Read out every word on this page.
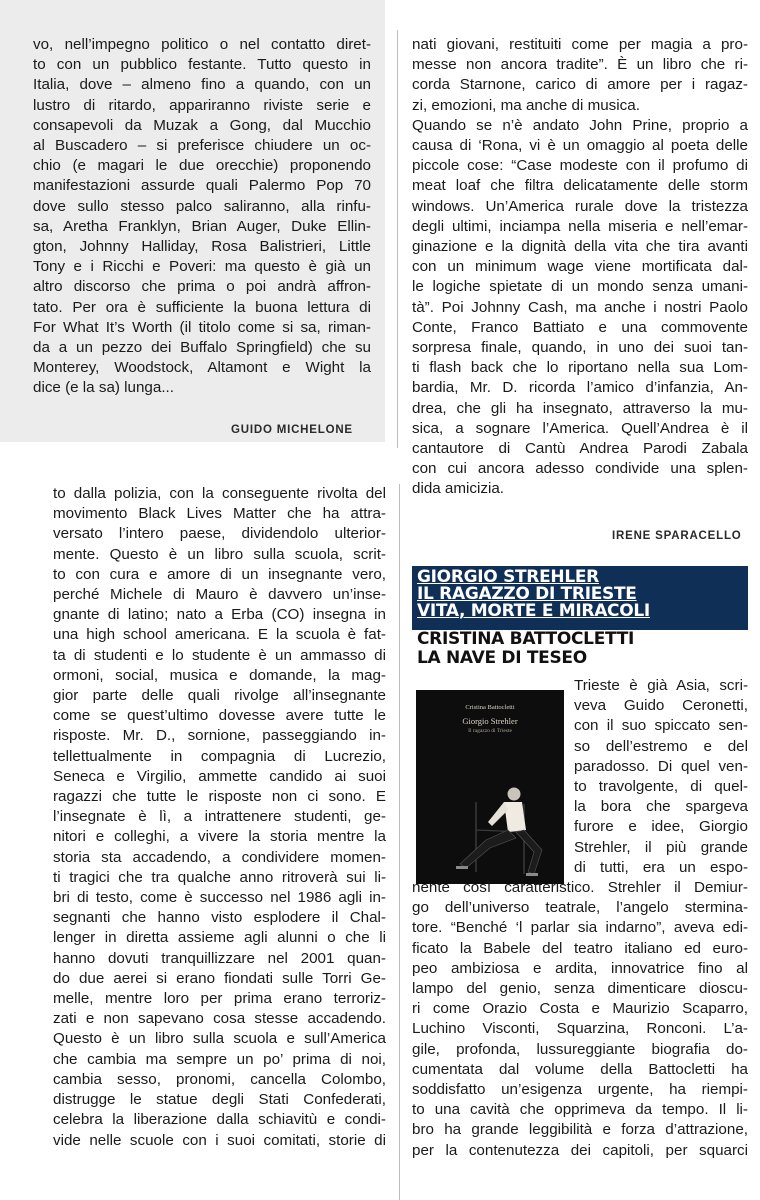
vo, nell’impegno politico o nel contatto diret-

to con un pubblico festante. Tutto questo in

Italia, dove – almeno fino a quando, con un

lustro di ritardo, appariranno riviste serie e

consapevoli da Muzak a Gong, dal Mucchio

al Buscadero – si preferisce chiudere un oc-

chio (e magari le due orecchie) proponendo

manifestazioni assurde quali Palermo Pop 70

dove sullo stesso palco saliranno, alla rinfu-

sa, Aretha Franklyn, Brian Auger, Duke Ellin-

gton, Johnny Halliday, Rosa Balistrieri, Little

Tony e i Ricchi e Poveri: ma questo è già un

altro discorso che prima o poi andrà affron-

tato. Per ora è sufficiente la buona lettura di

For What It’s Worth (il titolo come si sa, riman-

da a un pezzo dei Buffalo Springfield) che su

Monterey, Woodstock, Altamont e Wight la

dice (e la sa) lunga...

GUIDO MICHELONE

nati giovani, restituiti come per magia a pro-

messe non ancora tradite”. È un libro che ri-

corda Starnone, carico di amore per i ragaz-

zi, emozioni, ma anche di musica.

Quando se n’è andato John Prine, proprio a

causa di ‘Rona, vi è un omaggio al poeta delle

piccole cose: “Case modeste con il profumo di

meat loaf che filtra delicatamente delle storm

windows. Un’America rurale dove la tristezza

degli ultimi, inciampa nella miseria e nell’emar-

ginazione e la dignità della vita che tira avanti

con un minimum wage viene mortificata dal-

le logiche spietate di un mondo senza umani-

tà”. Poi Johnny Cash, ma anche i nostri Paolo

Conte, Franco Battiato e una commovente

sorpresa finale, quando, in uno dei suoi tan-

ti flash back che lo riportano nella sua Lom-

bardia, Mr. D. ricorda l’amico d’infanzia, An-

drea, che gli ha insegnato, attraverso la mu-

sica, a sognare l’America. Quell’Andrea è il

cantautore di Cantù Andrea Parodi Zabala

con cui ancora adesso condivide una splen-

dida amicizia.

IRENE SPARACELLO

to dalla polizia, con la conseguente rivolta del

movimento Black Lives Matter che ha attra-

versato l’intero paese, dividendolo ulterior-

mente. Questo è un libro sulla scuola, scrit-

to con cura e amore di un insegnante vero,

perché Michele di Mauro è davvero un’inse-

gnante di latino; nato a Erba (CO) insegna in

una high school americana. E la scuola è fat-

ta di studenti e lo studente è un ammasso di

ormoni, social, musica e domande, la mag-

gior parte delle quali rivolge all’insegnante

come se quest’ultimo dovesse avere tutte le

risposte. Mr. D., sornione, passeggiando in-

tellettualmente in compagnia di Lucrezio,

Seneca e Virgilio, ammette candido ai suoi

ragazzi che tutte le risposte non ci sono. E

l’insegnate è lì, a intrattenere studenti, ge-

nitori e colleghi, a vivere la storia mentre la

storia sta accadendo, a condividere momen-

ti tragici che tra qualche anno ritroverà sui li-

bri di testo, come è successo nel 1986 agli in-

segnanti che hanno visto esplodere il Chal-

lenger in diretta assieme agli alunni o che li

hanno dovuti tranquillizzare nel 2001 quan-

do due aerei si erano fiondati sulle Torri Ge-

melle, mentre loro per prima erano terroriz-

zati e non sapevano cosa stesse accadendo.

Questo è un libro sulla scuola e sull’America

che cambia ma sempre un po’ prima di noi,

cambia sesso, pronomi, cancella Colombo,

distrugge le statue degli Stati Confederati,

celebra la liberazione dalla schiavitù e condi-

vide nelle scuole con i suoi comitati, storie di

GIORGIO STREHLER
IL RAGAZZO DI TRIESTE
VITA, MORTE E MIRACOLI
CRISTINA BATTOCLETTI
LA NAVE DI TESEO
Cristina Battocletti
Giorgio Strehler
Il ragazzo di Trieste

Trieste è già Asia, scri-

veva Guido Ceronetti,

con il suo spiccato sen-

so dell’estremo e del

paradosso. Di quel ven-

to travolgente, di quel-

la bora che spargeva

furore e idee, Giorgio

Strehler, il più grande

di tutti, era un espo-

nente così caratteristico. Strehler il Demiur-

go dell’universo teatrale, l’angelo stermina-

tore. “Benché ‘l parlar sia indarno”, aveva edi-

ficato la Babele del teatro italiano ed euro-

peo ambiziosa e ardita, innovatrice fino al

lampo del genio, senza dimenticare dioscu-

ri come Orazio Costa e Maurizio Scaparro,

Luchino Visconti, Squarzina, Ronconi. L’a-

gile, profonda, lussureggiante biografia do-

cumentata dal volume della Battocletti ha

soddisfatto un’esigenza urgente, ha riempi-

to una cavità che opprimeva da tempo. Il li-

bro ha grande leggibilità e forza d’attrazione,

per la contenutezza dei capitoli, per squarci
